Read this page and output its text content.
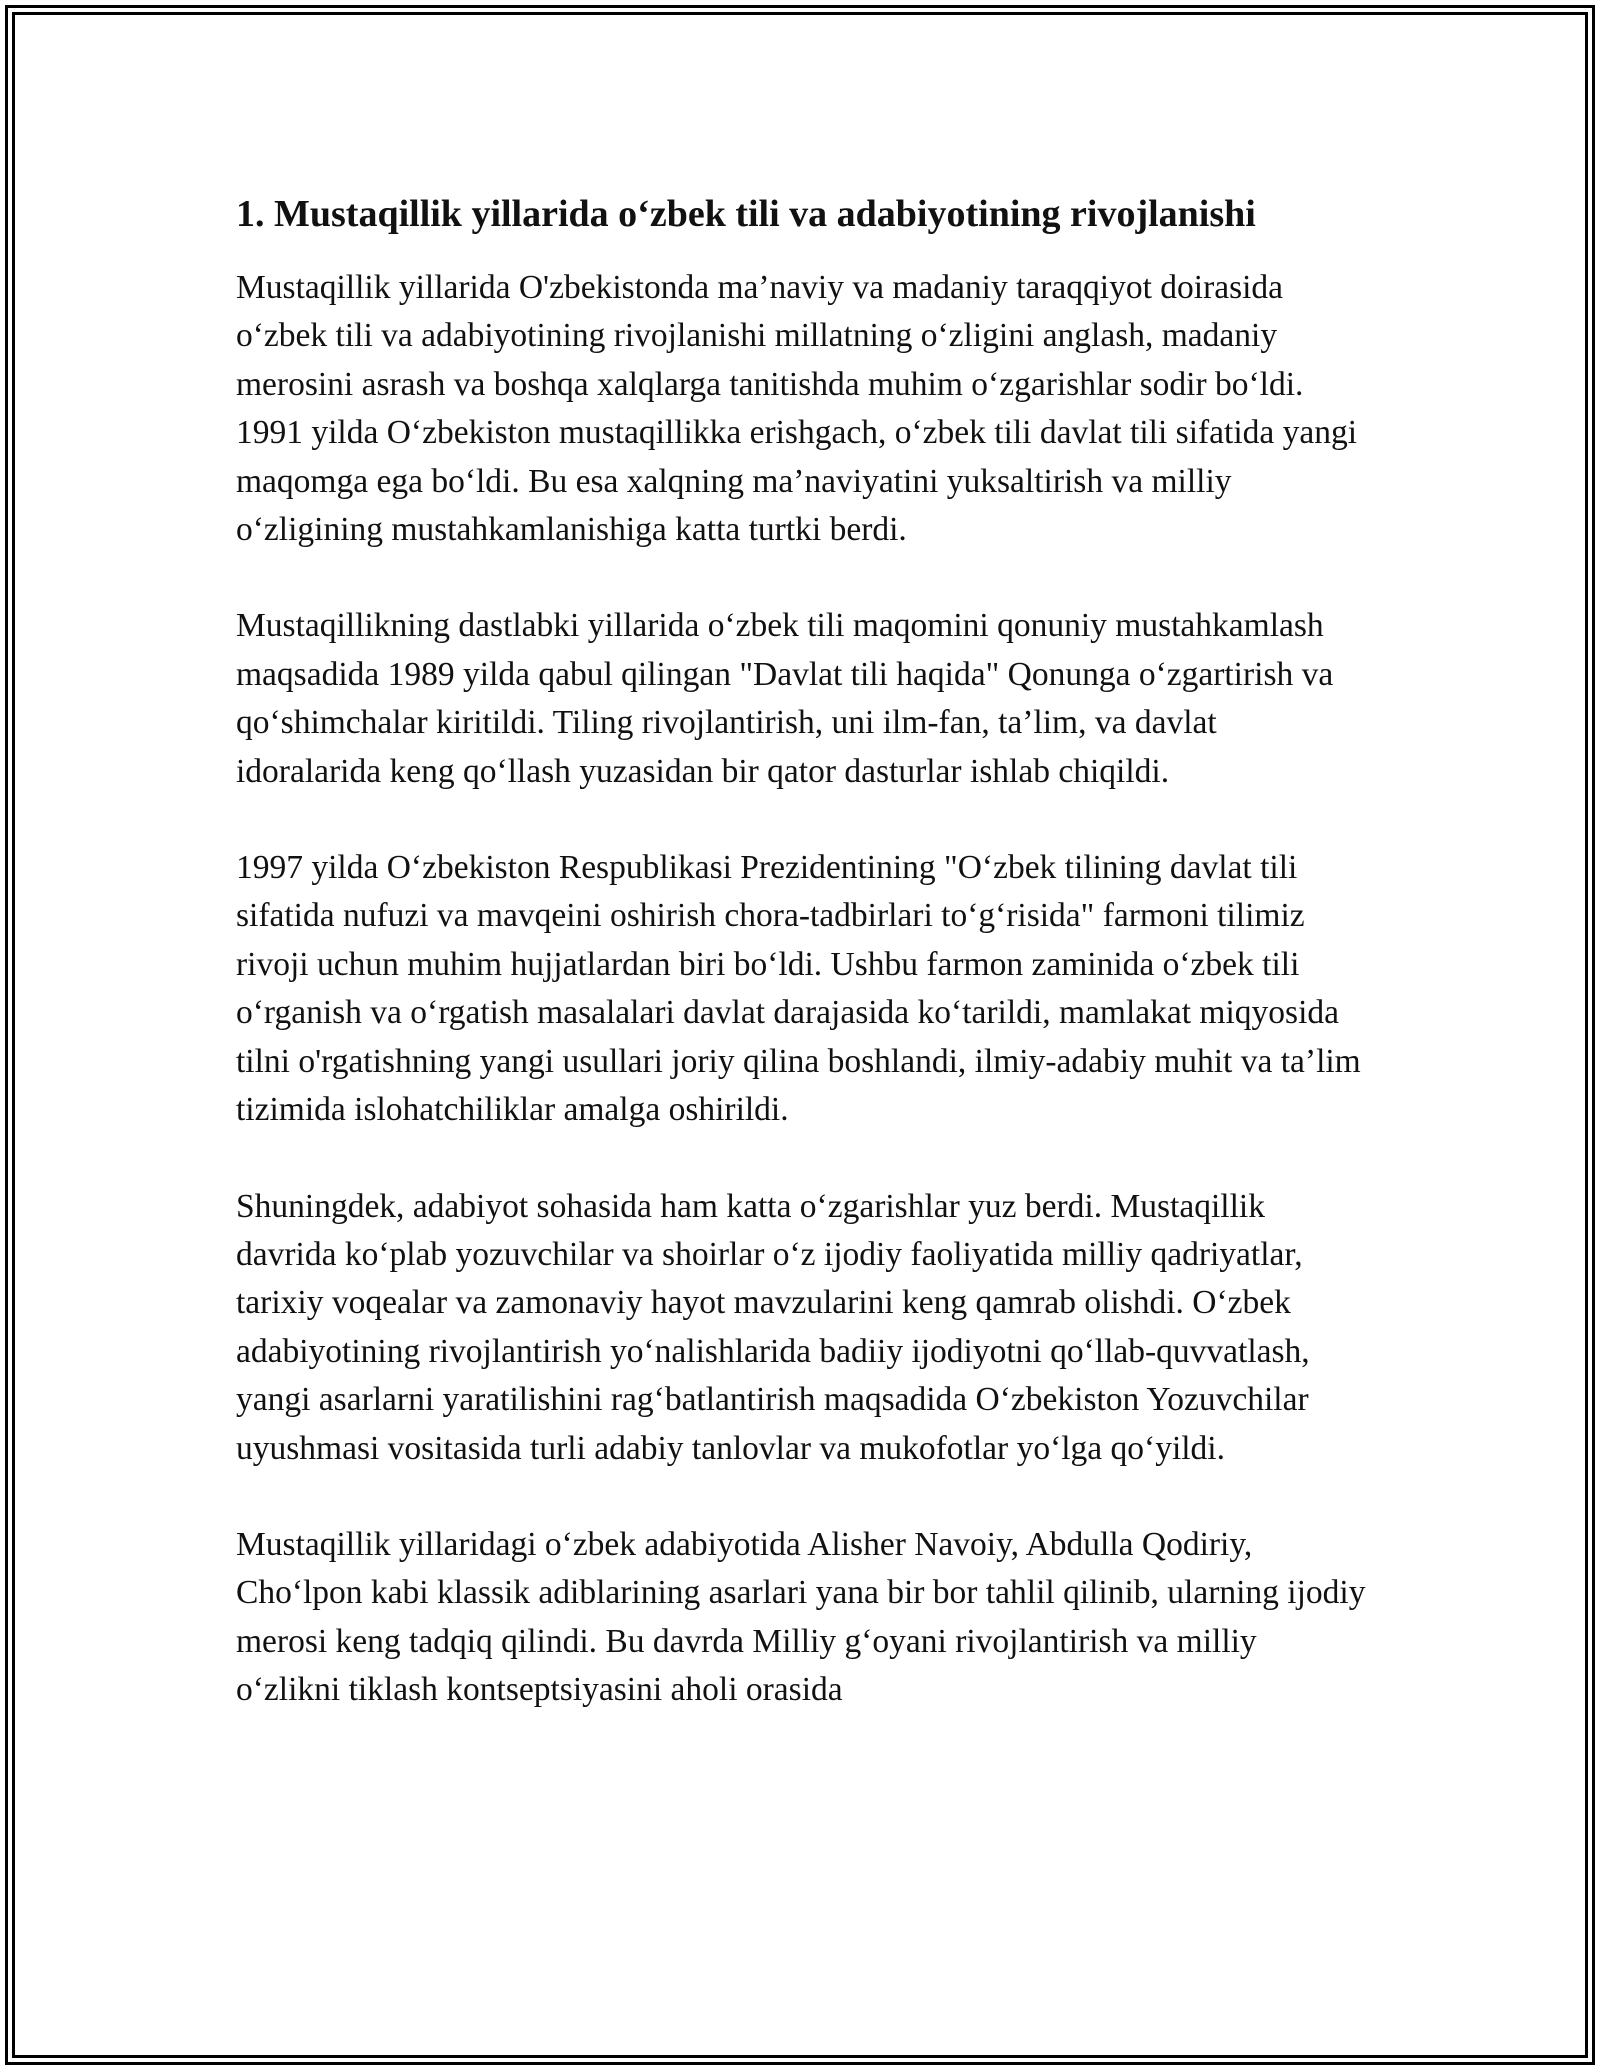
1. Mustaqillik yillarida o‘zbek tili va adabiyotining rivojlanishi

Mustaqillik yillarida O'zbekistonda ma’naviy va madaniy taraqqiyot doirasida o‘zbek tili va adabiyotining rivojlanishi millatning o‘zligini anglash, madaniy merosini asrash va boshqa xalqlarga tanitishda muhim o‘zgarishlar sodir bo‘ldi. 1991 yilda O‘zbekiston mustaqillikka erishgach, o‘zbek tili davlat tili sifatida yangi maqomga ega bo‘ldi. Bu esa xalqning ma’naviyatini yuksaltirish va milliy o‘zligining mustahkamlanishiga katta turtki berdi.

Mustaqillikning dastlabki yillarida o‘zbek tili maqomini qonuniy mustahkamlash maqsadida 1989 yilda qabul qilingan "Davlat tili haqida" Qonunga o‘zgartirish va qo‘shimchalar kiritildi. Tiling rivojlantirish, uni ilm-fan, ta’lim, va davlat idoralarida keng qo‘llash yuzasidan bir qator dasturlar ishlab chiqildi.

1997 yilda O‘zbekiston Respublikasi Prezidentining "O‘zbek tilining davlat tili sifatida nufuzi va mavqeini oshirish chora-tadbirlari to‘g‘risida" farmoni tilimiz rivoji uchun muhim hujjatlardan biri bo‘ldi. Ushbu farmon zaminida o‘zbek tili o‘rganish va o‘rgatish masalalari davlat darajasida ko‘tarildi, mamlakat miqyosida tilni o'rgatishning yangi usullari joriy qilina boshlandi, ilmiy-adabiy muhit va ta’lim tizimida islohatchiliklar amalga oshirildi.

Shuningdek, adabiyot sohasida ham katta o‘zgarishlar yuz berdi. Mustaqillik davrida ko‘plab yozuvchilar va shoirlar o‘z ijodiy faoliyatida milliy qadriyatlar, tarixiy voqealar va zamonaviy hayot mavzularini keng qamrab olishdi. O‘zbek adabiyotining rivojlantirish yo‘nalishlarida badiiy ijodiyotni qo‘llab-quvvatlash, yangi asarlarni yaratilishini rag‘batlantirish maqsadida O‘zbekiston Yozuvchilar uyushmasi vositasida turli adabiy tanlovlar va mukofotlar yo‘lga qo‘yildi.

Mustaqillik yillaridagi o‘zbek adabiyotida Alisher Navoiy, Abdulla Qodiriy, Cho‘lpon kabi klassik adiblarining asarlari yana bir bor tahlil qilinib, ularning ijodiy merosi keng tadqiq qilindi. Bu davrda Milliy g‘oyani rivojlantirish va milliy o‘zlikni tiklash kontseptsiyasini aholi orasida
